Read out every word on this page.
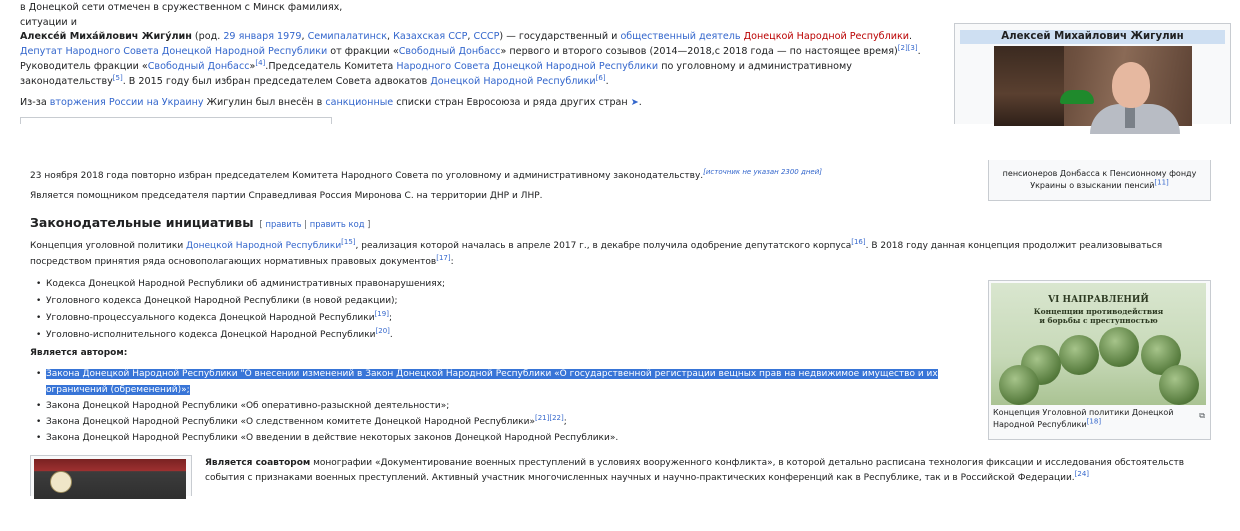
в Донецкой сети отмечен в сружественном с Минск фамилиях, ситуации и

Алексе́й Миха́йлович Жигу́лин (род. 29 января 1979, Семипалатинск, Казахская ССР, СССР) — государственный и общественный деятель Донецкой Народной Республики. Депутат Народного Совета Донецкой Народной Республики от фракции «Свободный Донбасс» первого и второго созывов (2014—2018,с 2018 года — по настоящее время)[2][3]. Руководитель фракции «Свободный Донбасс»[4].Председатель Комитета Народного Совета Донецкой Народной Республики по уголовному и административному законодательству[5]. В 2015 году был избран председателем Совета адвокатов Донецкой Народной Республики[6].

Из-за вторжения России на Украину Жигулин был внесён в санкционные списки стран Евросоюза и ряда других стран ➤.

Алексей Михайлович Жигулин
пенсионеров Донбасса к Пенсионному фонду Украины о взыскании пенсий[11]
23 ноября 2018 года повторно избран председателем Комитета Народного Совета по уголовному и административному законодательству.[источник не указан 2300 дней]
Является помощником председателя партии Справедливая Россия Миронова С. на территории ДНР и ЛНР.
Законодательные инициативы [ править | править код ]
Концепция уголовной политики Донецкой Народной Республики[15], реализация которой началась в апреле 2017 г., в декабре получила одобрение депутатского корпуса[16]. В 2018 году данная концепция продолжит реализовываться посредством принятия ряда основополагающих нормативных правовых документов[17]:
• Кодекса Донецкой Народной Республики об административных правонарушениях;
• Уголовного кодекса Донецкой Народной Республики (в новой редакции);
• Уголовно-процессуального кодекса Донецкой Народной Республики[19];
• Уголовно-исполнительного кодекса Донецкой Народной Республики[20].
Является автором:
• Закона Донецкой Народной Республики "О внесении изменений в Закон Донецкой Народной Республики «О государственной регистрации вещных прав на недвижимое имущество и их ограничений (обременений)»;
• Закона Донецкой Народной Республики «Об оперативно-разыскной деятельности»;
• Закона Донецкой Народной Республики «О следственном комитете Донецкой Народной Республики»[21][22];
• Закона Донецкой Народной Республики «О введении в действие некоторых законов Донецкой Народной Республики».
VI НАПРАВЛЕНИЙ
Концепции противодействия
и борьбы с преступностью
Концепция Уголовной политики Донецкой Народной Республики[18]
⧉
Является соавтором монографии «Документирование военных преступлений в условиях вооруженного конфликта», в которой детально расписана технология фиксации и исследования обстоятельств события с признаками военных преступлений. Активный участник многочисленных научных и научно-практических конференций как в Республике, так и в Российской Федерации.[24]
